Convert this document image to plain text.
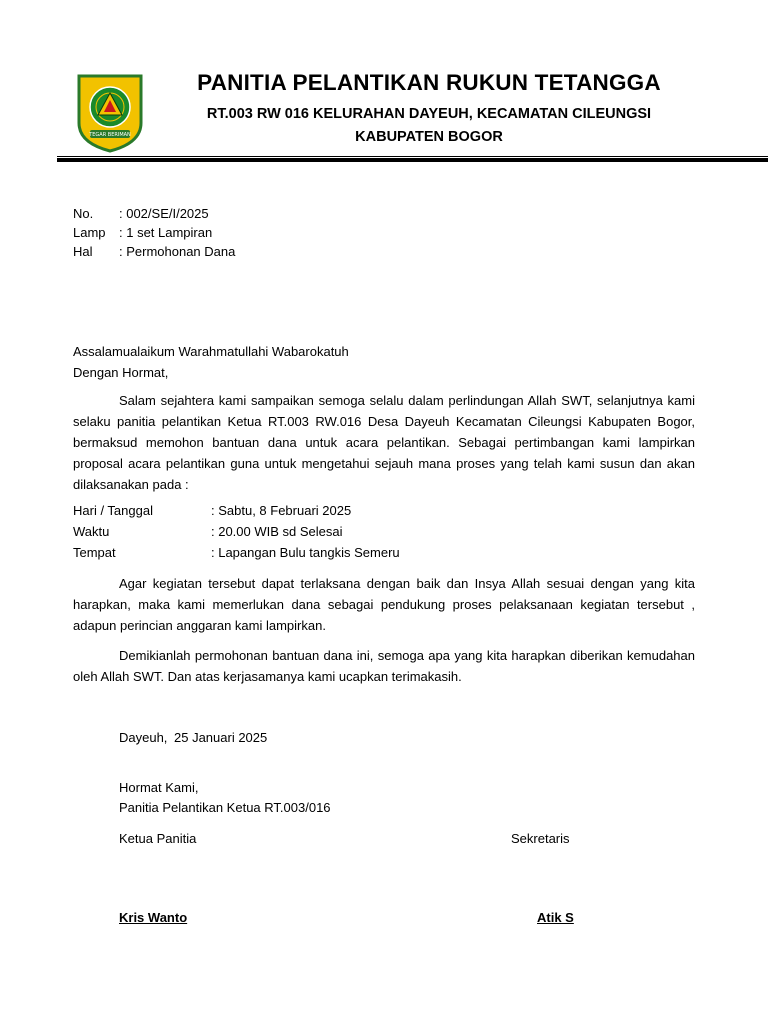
TEGAR BERIMAN
PANITIA PELANTIKAN RUKUN TETANGGA
RT.003 RW 016 KELURAHAN DAYEUH, KECAMATAN CILEUNGSI
KABUPATEN BOGOR
No. : 002/SE/I/2025
Lamp : 1 set Lampiran
Hal : Permohonan Dana
Assalamualaikum Warahmatullahi Wabarokatuh
Dengan Hormat,
Salam sejahtera kami sampaikan semoga selalu dalam perlindungan Allah SWT, selanjutnya kami selaku panitia pelantikan Ketua RT.003 RW.016 Desa Dayeuh Kecamatan Cileungsi Kabupaten Bogor, bermaksud memohon bantuan dana untuk acara pelantikan. Sebagai pertimbangan kami lampirkan proposal acara pelantikan guna untuk mengetahui sejauh mana proses yang telah kami susun dan akan dilaksanakan pada :
Hari / Tanggal	: Sabtu, 8 Februari 2025
Waktu	: 20.00 WIB sd Selesai
Tempat	: Lapangan Bulu tangkis Semeru
Agar kegiatan tersebut dapat terlaksana dengan baik dan Insya Allah sesuai dengan yang kita harapkan, maka kami memerlukan dana sebagai pendukung proses pelaksanaan kegiatan tersebut , adapun perincian anggaran kami lampirkan.
Demikianlah permohonan bantuan dana ini, semoga apa yang kita harapkan diberikan kemudahan oleh Allah SWT. Dan atas kerjasamanya kami ucapkan terimakasih.
Dayeuh, 25 Januari 2025
Hormat Kami,
Panitia Pelantikan Ketua RT.003/016
Ketua Panitia	Sekretaris
Kris Wanto	Atik S
